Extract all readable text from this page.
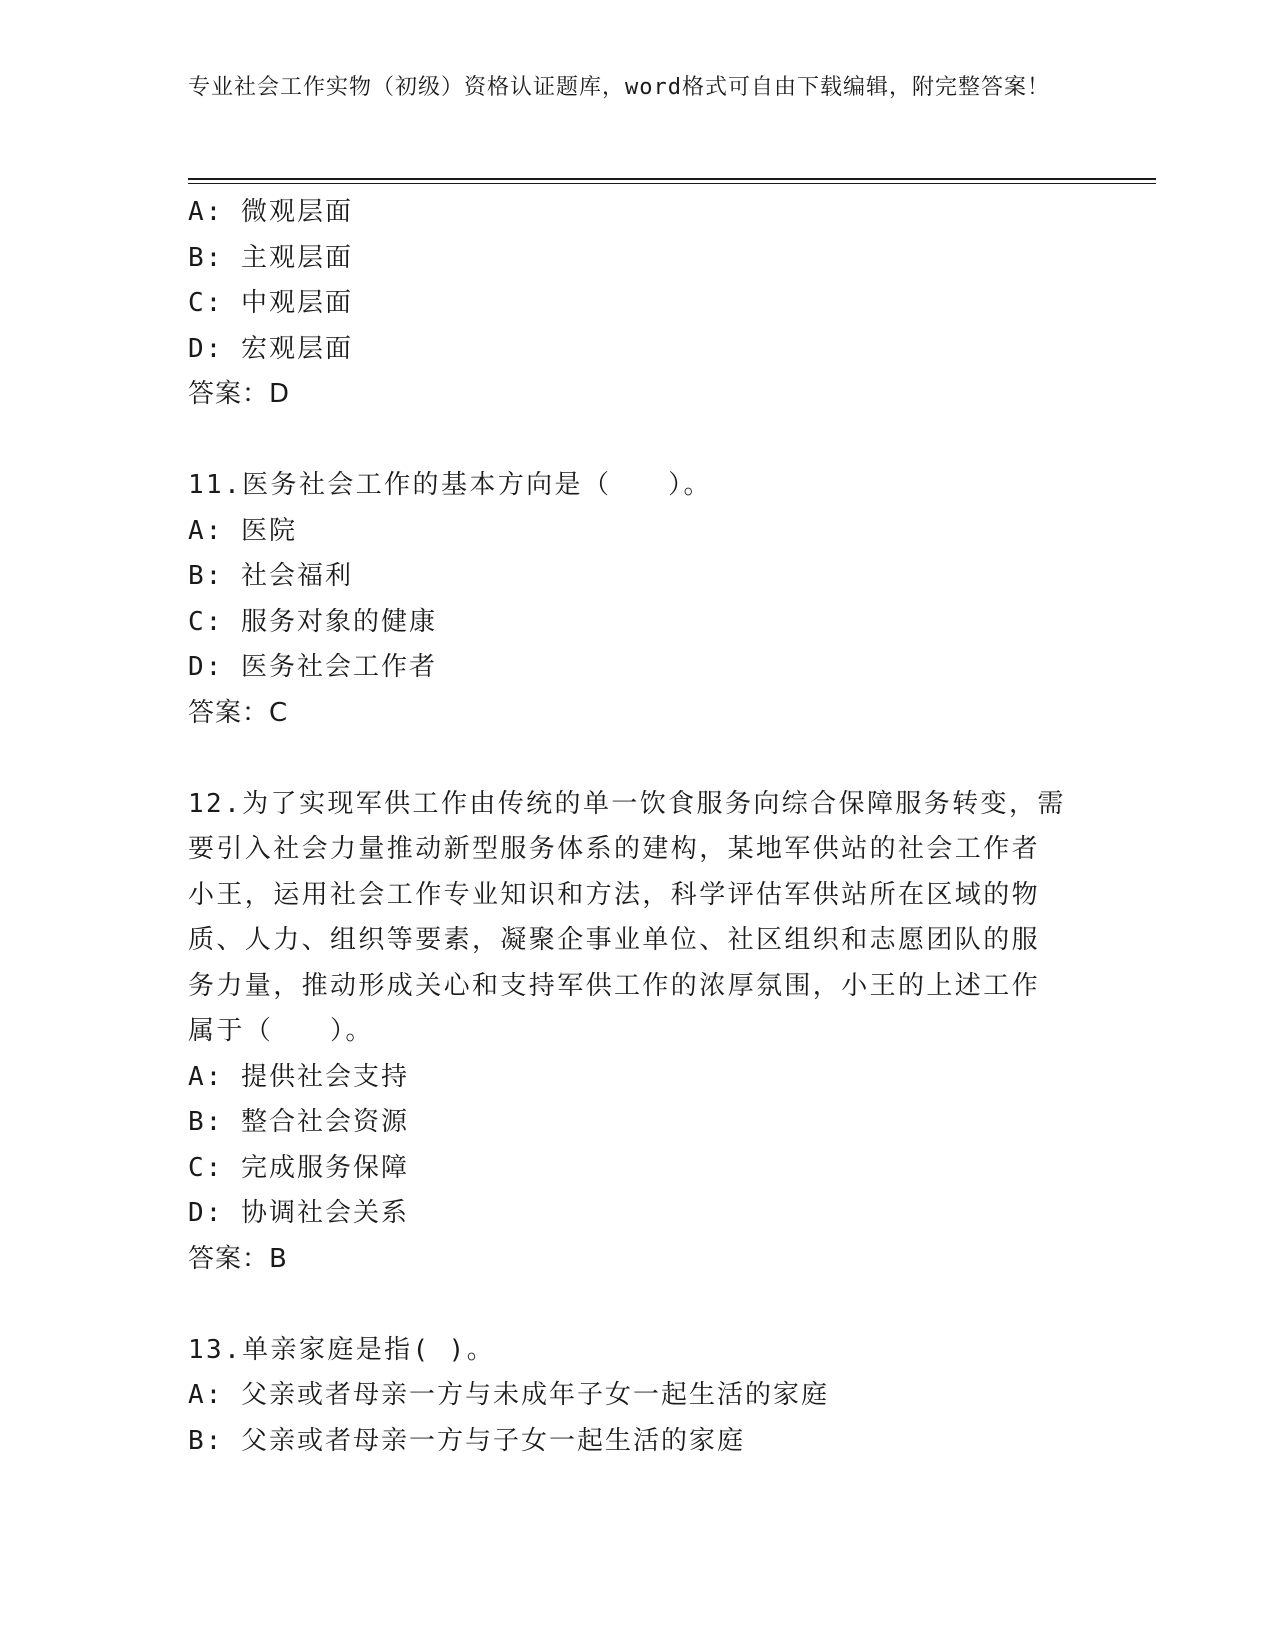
专业社会工作实物（初级）资格认证题库，word格式可自由下载编辑，附完整答案！
A: 微观层面
B: 主观层面
C: 中观层面
D: 宏观层面
答案：D
11.医务社会工作的基本方向是（　　）。
A: 医院
B: 社会福利
C: 服务对象的健康
D: 医务社会工作者
答案：C
12.为了实现军供工作由传统的单一饮食服务向综合保障服务转变，需要引入社会力量推动新型服务体系的建构，某地军供站的社会工作者小王，运用社会工作专业知识和方法，科学评估军供站所在区域的物质、人力、组织等要素，凝聚企事业单位、社区组织和志愿团队的服务力量，推动形成关心和支持军供工作的浓厚氛围，小王的上述工作属于（　　）。
A: 提供社会支持
B: 整合社会资源
C: 完成服务保障
D: 协调社会关系
答案：B
13.单亲家庭是指( )。
A: 父亲或者母亲一方与未成年子女一起生活的家庭
B: 父亲或者母亲一方与子女一起生活的家庭
